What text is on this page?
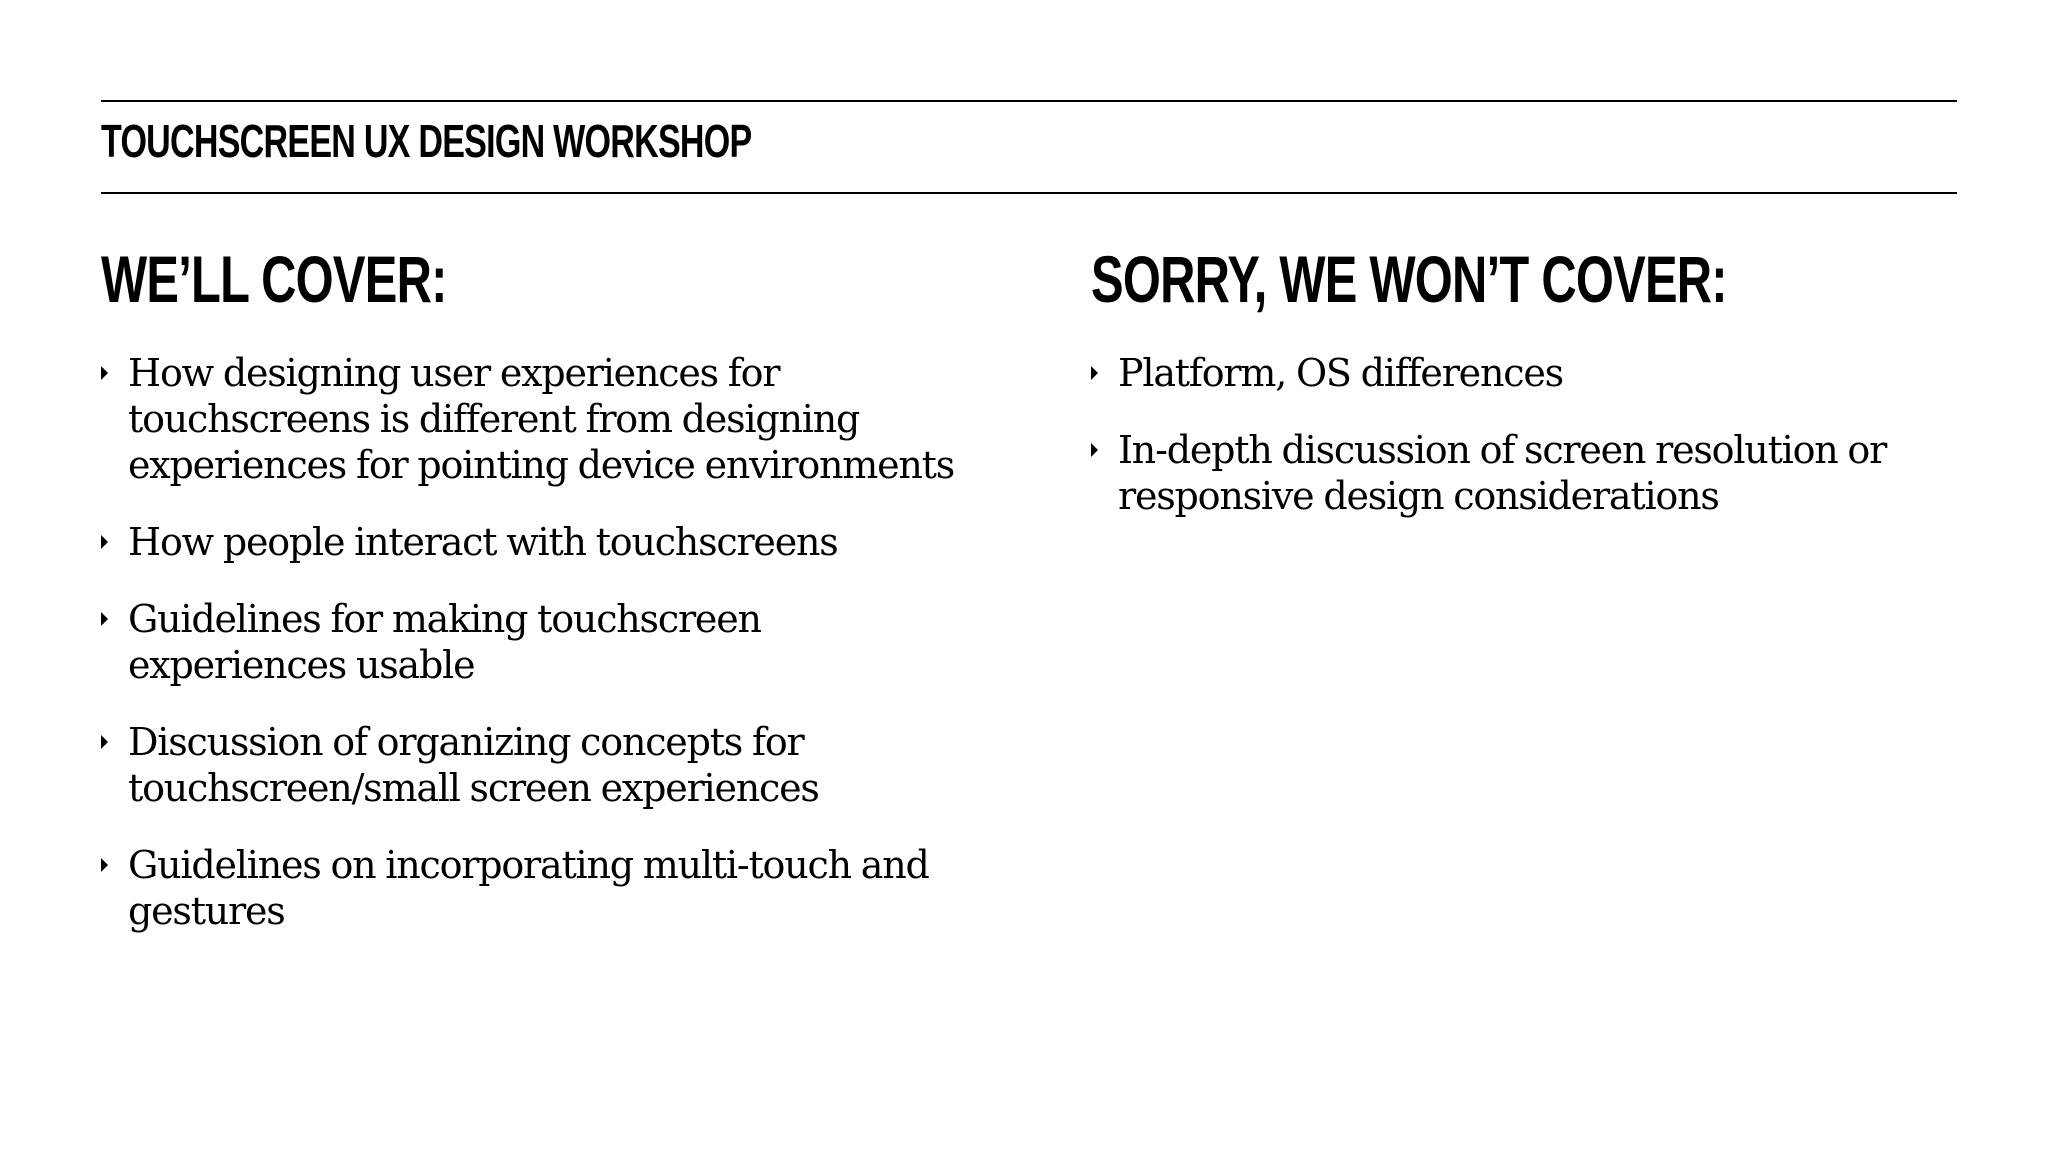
TOUCHSCREEN UX DESIGN WORKSHOP
WE’LL COVER:
How designing user experiences for touchscreens is different from designing experiences for pointing device environments
How people interact with touchscreens
Guidelines for making touchscreen experiences usable
Discussion of organizing concepts for touchscreen/small screen experiences
Guidelines on incorporating multi-touch and gestures
SORRY, WE WON’T COVER:
Platform, OS differences
In-depth discussion of screen resolution or responsive design considerations
